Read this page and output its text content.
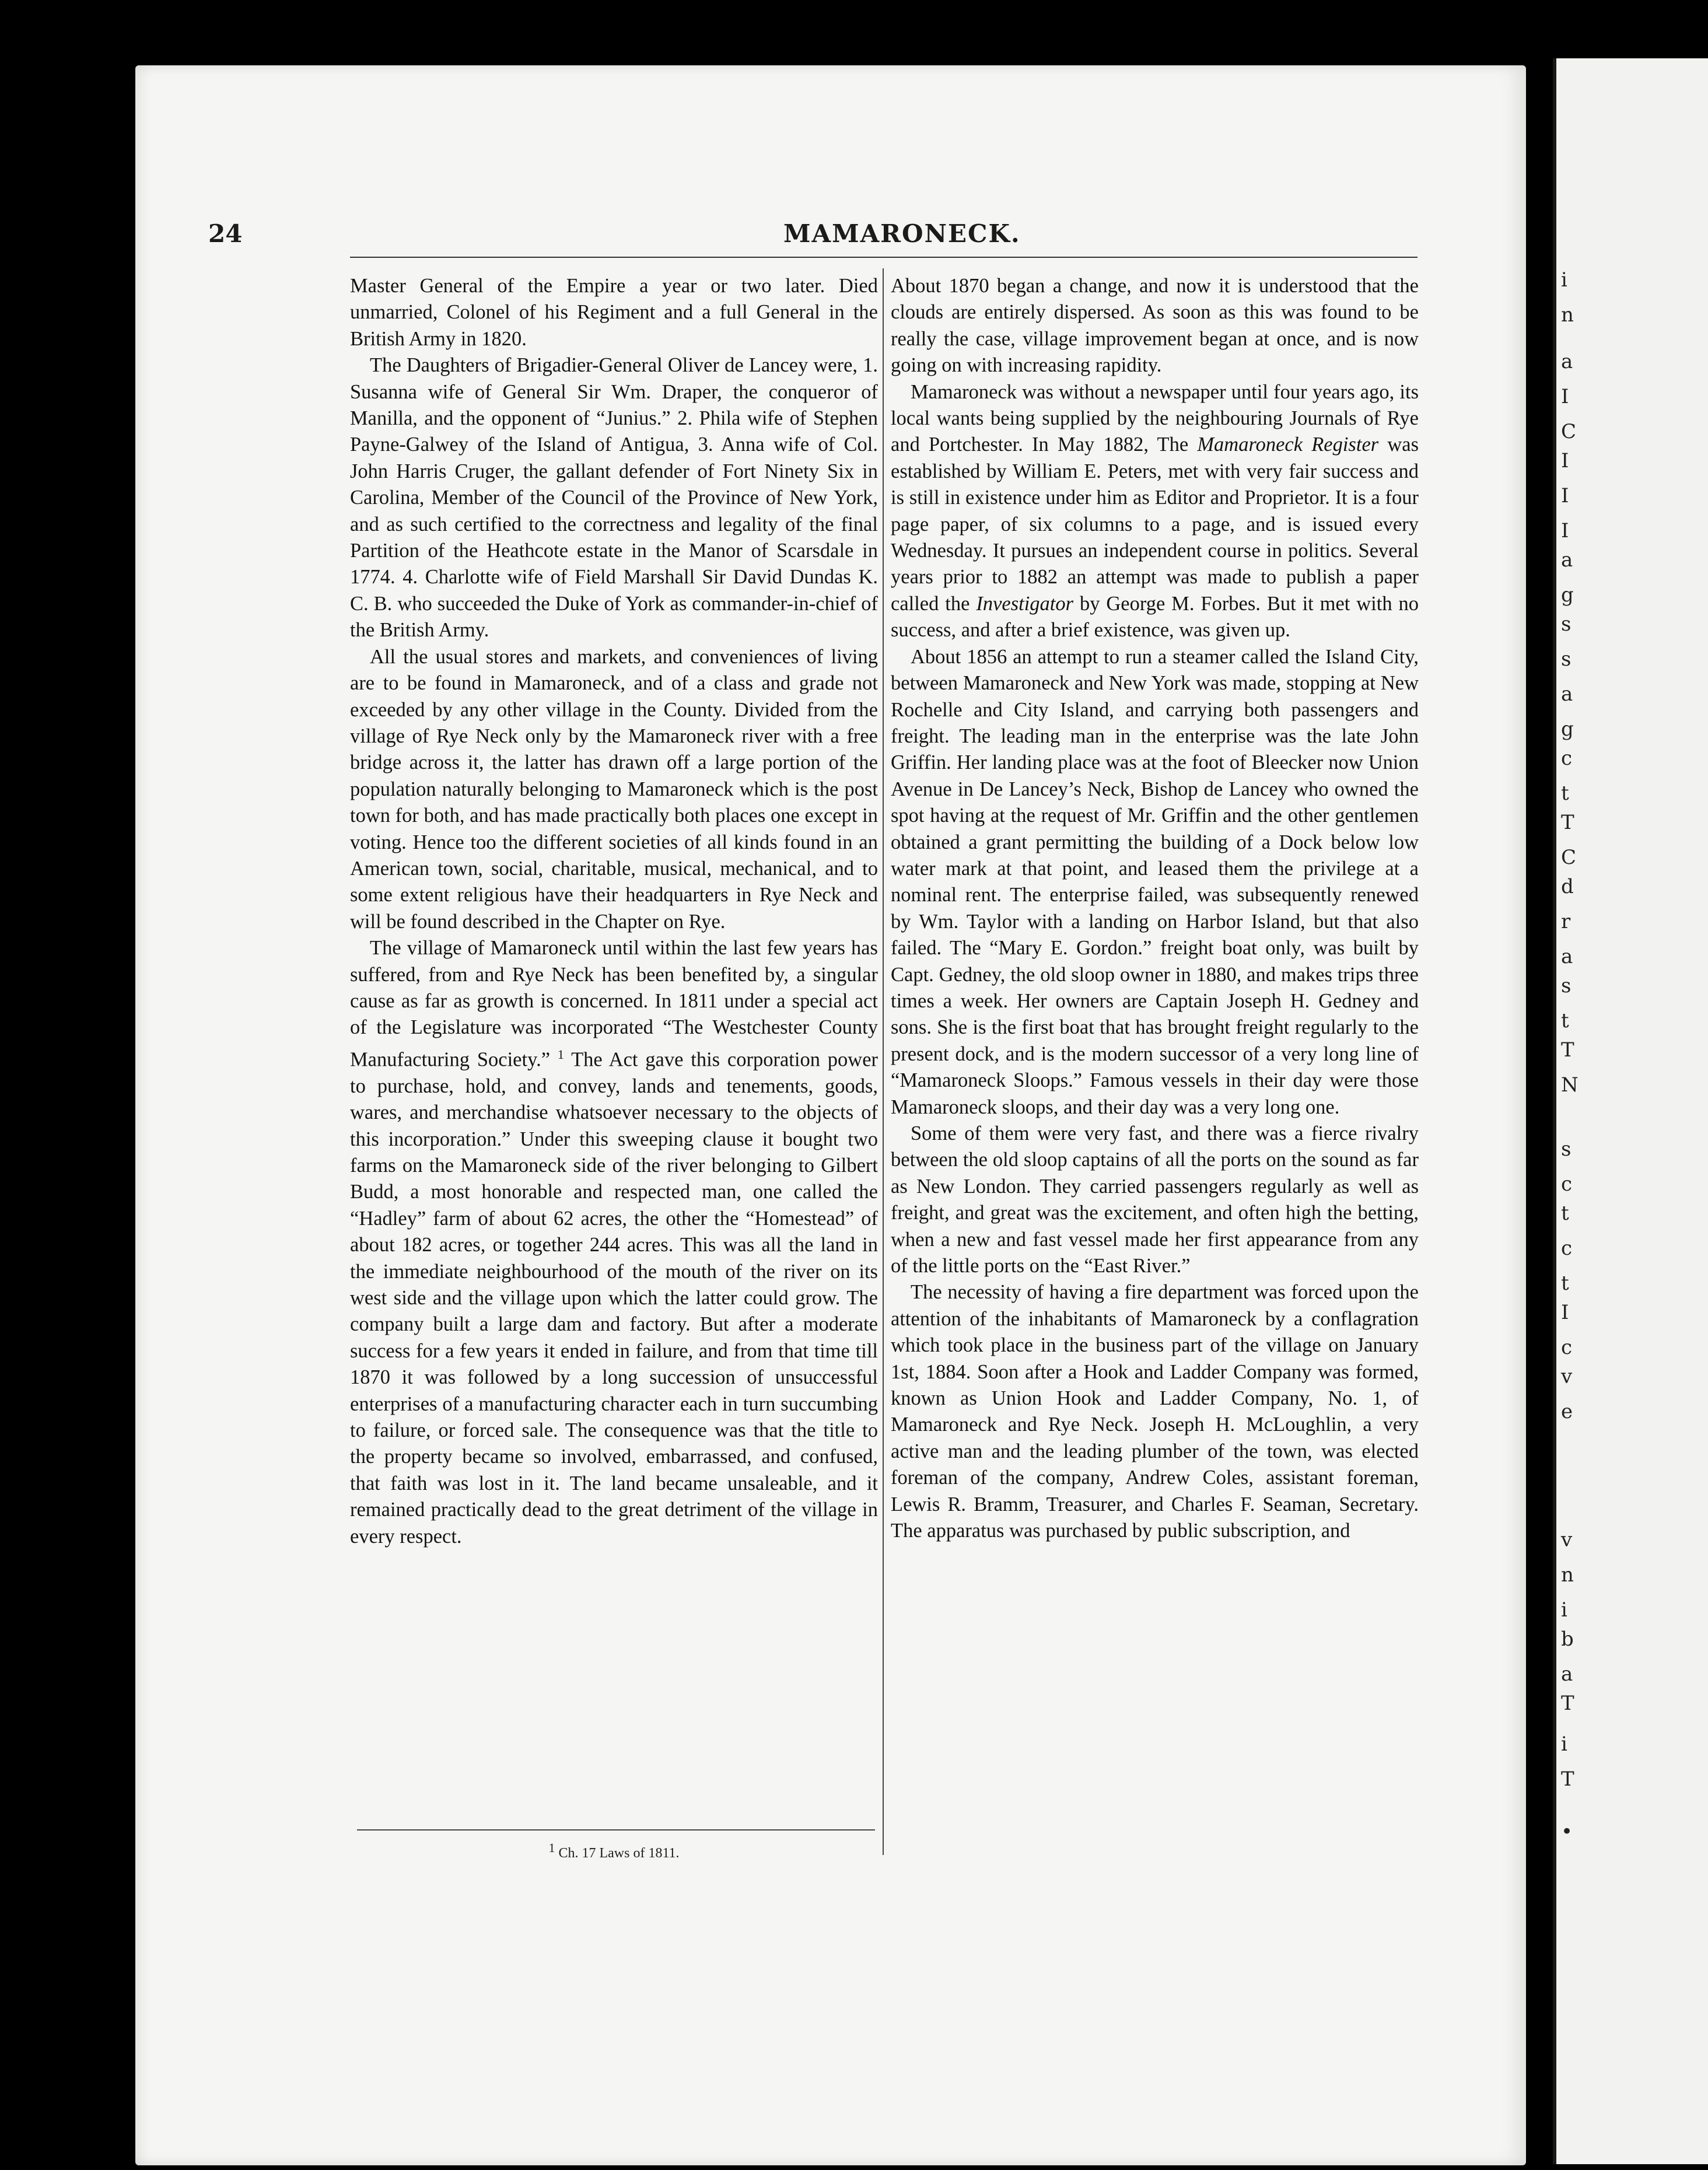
i
n
a
I
C
I
I
I
a
g
s
s
a
g
c
t
T
C
d
r
a
s
t
T
N
s
c
t
c
t
I
c
v
e
v
n
i
b
a
T
i
T
•
24	MAMARONECK.

Master General of the Empire a year or two later. Died unmarried, Colonel of his Regiment and a full General in the British Army in 1820.

The Daughters of Brigadier-General Oliver de Lancey were, 1. Susanna wife of General Sir Wm. Draper, the conqueror of Manilla, and the opponent of “Junius.” 2. Phila wife of Stephen Payne-Galwey of the Island of Antigua, 3. Anna wife of Col. John Harris Cruger, the gallant defender of Fort Ninety Six in Carolina, Member of the Council of the Province of New York, and as such certified to the correctness and legality of the final Partition of the Heathcote estate in the Manor of Scarsdale in 1774. 4. Charlotte wife of Field Marshall Sir David Dundas K. C. B. who succeeded the Duke of York as commander-in-chief of the British Army.

All the usual stores and markets, and conveniences of living are to be found in Mamaroneck, and of a class and grade not exceeded by any other village in the County. Divided from the village of Rye Neck only by the Mamaroneck river with a free bridge across it, the latter has drawn off a large portion of the population naturally belonging to Mamaroneck which is the post town for both, and has made practically both places one except in voting. Hence too the different societies of all kinds found in an American town, social, charitable, musical, mechanical, and to some extent religious have their headquarters in Rye Neck and will be found described in the Chapter on Rye.

The village of Mamaroneck until within the last few years has suffered, from and Rye Neck has been benefited by, a singular cause as far as growth is concerned. In 1811 under a special act of the Legislature was incorporated “The Westchester County Manufacturing Society.” $^1$ The Act gave this corporation power to purchase, hold, and convey, lands and tenements, goods, wares, and merchandise whatsoever necessary to the objects of this incorporation.” Under this sweeping clause it bought two farms on the Mamaroneck side of the river belonging to Gilbert Budd, a most honorable and respected man, one called the “Hadley” farm of about 62 acres, the other the “Homestead” of about 182 acres, or together 244 acres. This was all the land in the immediate neighbourhood of the mouth of the river on its west side and the village upon which the latter could grow. The company built a large dam and factory. But after a moderate success for a few years it ended in failure, and from that time till 1870 it was followed by a long succession of unsuccessful enterprises of a manufacturing character each in turn succumbing to failure, or forced sale. The consequence was that the title to the property became so involved, embarrassed, and confused, that faith was lost in it. The land became unsaleable, and it remained practically dead to the great detriment of the village in every respect.

About 1870 began a change, and now it is understood that the clouds are entirely dispersed. As soon as this was found to be really the case, village improvement began at once, and is now going on with increasing rapidity.

Mamaroneck was without a newspaper until four years ago, its local wants being supplied by the neighbouring Journals of Rye and Portchester. In May 1882, The Mamaroneck Register was established by William E. Peters, met with very fair success and is still in existence under him as Editor and Proprietor. It is a four page paper, of six columns to a page, and is issued every Wednesday. It pursues an independent course in politics. Several years prior to 1882 an attempt was made to publish a paper called the Investigator by George M. Forbes. But it met with no success, and after a brief existence, was given up.

About 1856 an attempt to run a steamer called the Island City, between Mamaroneck and New York was made, stopping at New Rochelle and City Island, and carrying both passengers and freight. The leading man in the enterprise was the late John Griffin. Her landing place was at the foot of Bleecker now Union Avenue in De Lancey’s Neck, Bishop de Lancey who owned the spot having at the request of Mr. Griffin and the other gentlemen obtained a grant permitting the building of a Dock below low water mark at that point, and leased them the privilege at a nominal rent. The enterprise failed, was subsequently renewed by Wm. Taylor with a landing on Harbor Island, but that also failed. The “Mary E. Gordon.” freight boat only, was built by Capt. Gedney, the old sloop owner in 1880, and makes trips three times a week. Her owners are Captain Joseph H. Gedney and sons. She is the first boat that has brought freight regularly to the present dock, and is the modern successor of a very long line of “Mamaroneck Sloops.” Famous vessels in their day were those Mamaroneck sloops, and their day was a very long one.

Some of them were very fast, and there was a fierce rivalry between the old sloop captains of all the ports on the sound as far as New London. They carried passengers regularly as well as freight, and great was the excitement, and often high the betting, when a new and fast vessel made her first appearance from any of the little ports on the “East River.”

The necessity of having a fire department was forced upon the attention of the inhabitants of Mamaroneck by a conflagration which took place in the business part of the village on January 1st, 1884. Soon after a Hook and Ladder Company was formed, known as Union Hook and Ladder Company, No. 1, of Mamaroneck and Rye Neck. Joseph H. McLoughlin, a very active man and the leading plumber of the town, was elected foreman of the company, Andrew Coles, assistant foreman, Lewis R. Bramm, Treasurer, and Charles F. Seaman, Secretary. The apparatus was purchased by public subscription, and

1 Ch. 17 Laws of 1811.
